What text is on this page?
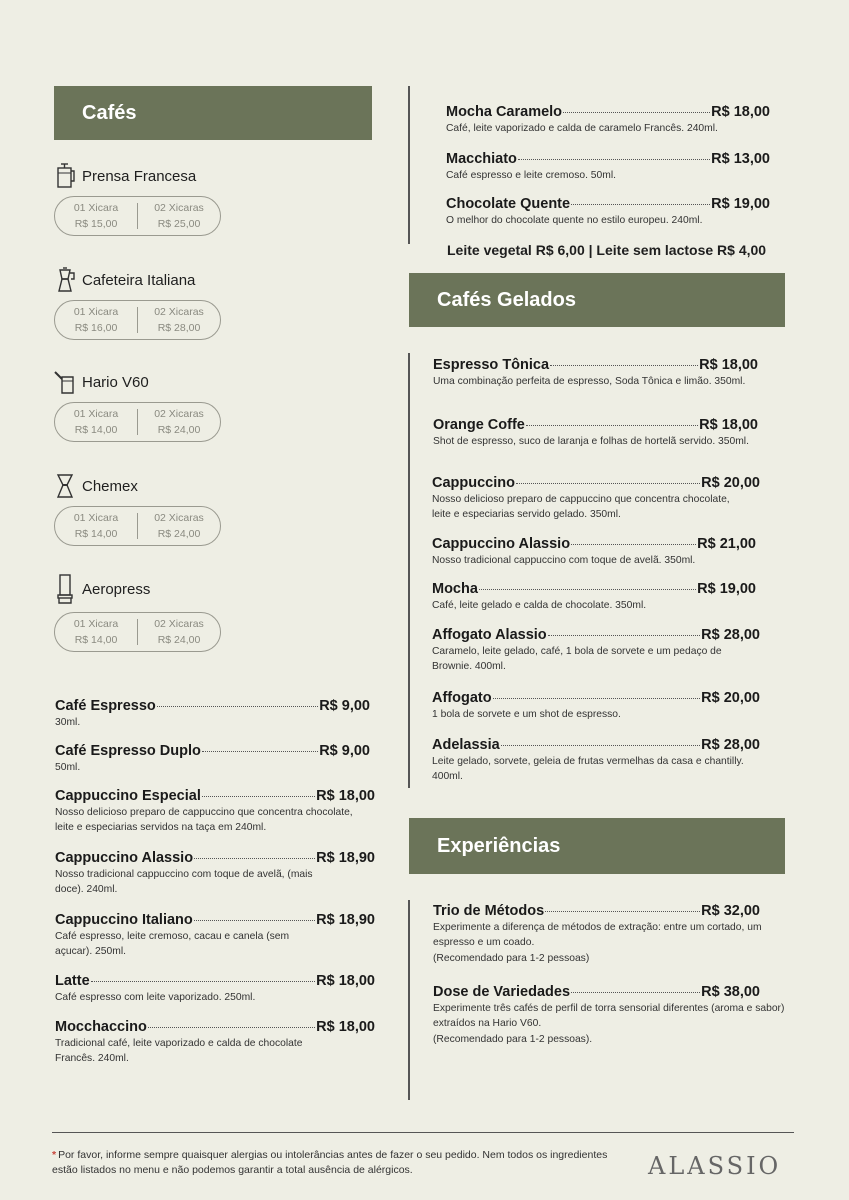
Cafés
Cafés Gelados
Experiências
Prensa Francesa
01 Xicara
R$ 15,00
02 Xicaras
R$ 25,00
Cafeteira Italiana
01 Xicara
R$ 16,00
02 Xicaras
R$ 28,00
Hario V60
01 Xicara
R$ 14,00
02 Xicaras
R$ 24,00
Chemex
01 Xicara
R$ 14,00
02 Xicaras
R$ 24,00
Aeropress
01 Xicara
R$ 14,00
02 Xicaras
R$ 24,00
Café Espresso	R$ 9,00
30ml.
Café Espresso Duplo	R$ 9,00
50ml.
Cappuccino Especial	R$ 18,00
Nosso delicioso preparo de cappuccino que concentra chocolate, leite e especiarias servidos na taça em 240ml.
Cappuccino Alassio	R$ 18,90
Nosso tradicional cappuccino com toque de avelã, (mais doce). 240ml.
Cappuccino Italiano	R$ 18,90
Café espresso, leite cremoso, cacau e canela (sem açucar). 250ml.
Latte	R$ 18,00
Café espresso com leite vaporizado. 250ml.
Mocchaccino	R$ 18,00
Tradicional café, leite vaporizado e calda de chocolate Francês. 240ml.
Mocha Caramelo	R$ 18,00
Café, leite vaporizado e calda de caramelo Francês. 240ml.
Macchiato	R$ 13,00
Café espresso e leite cremoso. 50ml.
Chocolate Quente	R$ 19,00
O melhor do chocolate quente no estilo europeu. 240ml.
Leite vegetal R$ 6,00 | Leite sem lactose R$ 4,00
Espresso Tônica	R$ 18,00
Uma combinação perfeita de espresso, Soda Tônica e limão. 350ml.
Orange Coffe	R$ 18,00
Shot de espresso, suco de laranja e folhas de hortelã servido. 350ml.
Cappuccino	R$ 20,00
Nosso delicioso preparo de cappuccino que concentra chocolate, leite e especiarias servido gelado. 350ml.
Cappuccino Alassio	R$ 21,00
Nosso tradicional cappuccino com toque de avelã. 350ml.
Mocha	R$ 19,00
Café, leite gelado e calda de chocolate. 350ml.
Affogato Alassio	R$ 28,00
Caramelo, leite gelado, café, 1 bola de sorvete e um pedaço de Brownie. 400ml.
Affogato	R$ 20,00
1 bola de sorvete e um shot de espresso.
Adelassia	R$ 28,00
Leite gelado, sorvete, geleia de frutas vermelhas da casa e chantilly. 400ml.
Trio de Métodos	R$ 32,00
Experimente a diferença de métodos de extração: entre um cortado, um espresso e um coado.
(Recomendado para 1-2 pessoas)
Dose de Variedades	R$ 38,00
Experimente três cafés de perfil de torra sensorial diferentes (aroma e sabor) extraídos na Hario V60.
(Recomendado para 1-2 pessoas).
* Por favor, informe sempre quaisquer alergias ou intolerâncias antes de fazer o seu pedido. Nem todos os ingredientes estão listados no menu e não podemos garantir a total ausência de alérgicos.	ALASSIO
